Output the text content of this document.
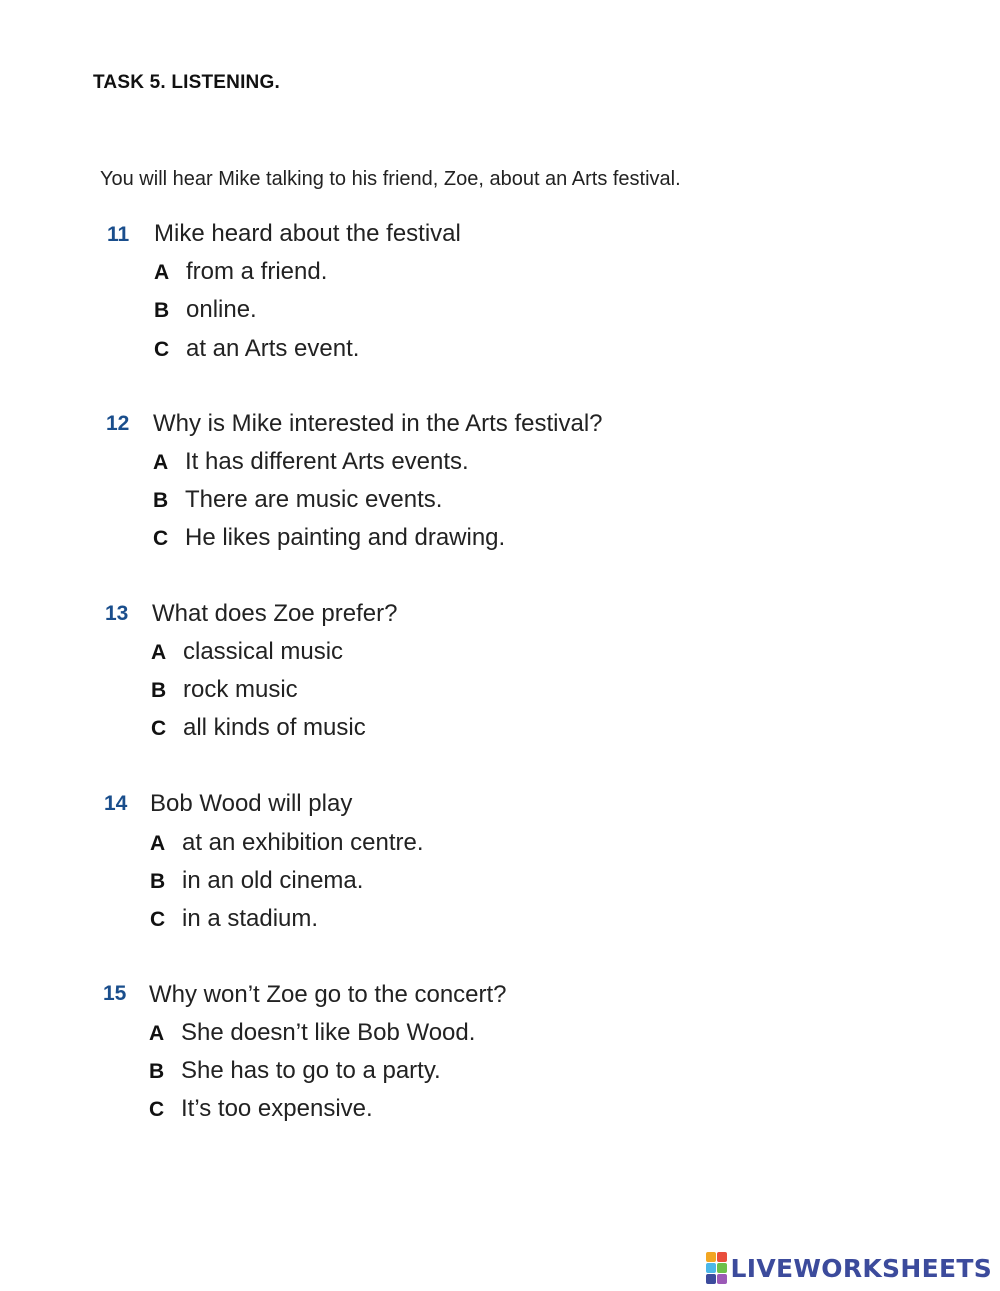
TASK 5. LISTENING.
You will hear Mike talking to his friend, Zoe, about an Arts festival.
11 Mike heard about the festival
A from a friend.
B online.
C at an Arts event.
12 Why is Mike interested in the Arts festival?
A It has different Arts events.
B There are music events.
C He likes painting and drawing.
13 What does Zoe prefer?
A classical music
B rock music
C all kinds of music
14 Bob Wood will play
A at an exhibition centre.
B in an old cinema.
C in a stadium.
15 Why won’t Zoe go to the concert?
A She doesn’t like Bob Wood.
B She has to go to a party.
C It’s too expensive.
LIVEWORKSHEETS
